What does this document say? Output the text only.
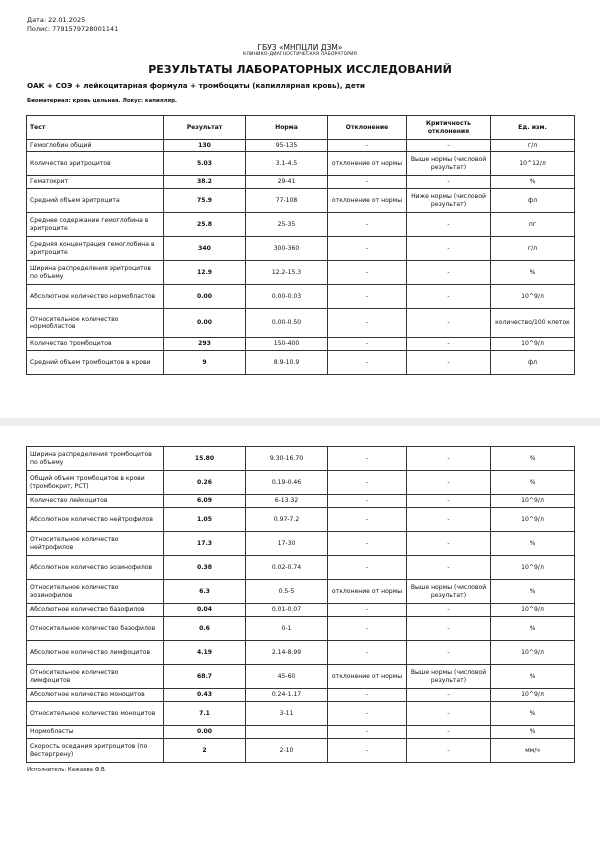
Дата: 22.01.2025
Полис: 7791579728001141
ГБУЗ «МНПЦЛИ ДЗМ»
КЛИНИКО-ДИАГНОСТИЧЕСКАЯ ЛАБОРАТОРИЯ
РЕЗУЛЬТАТЫ ЛАБОРАТОРНЫХ ИССЛЕДОВАНИЙ
ОАК + СОЭ + лейкоцитарная формула + тромбоциты (капиллярная кровь), дети
Биоматериал: кровь цельная. Локус: капилляр.
Тест	Результат	Норма	Отклонение	Критичность отклонения	Ед. изм.
Гемоглобин общий	130	95-135	-	-	г/л
Количество эритроцитов	5.03	3.1-4.5	отклонение от нормы	Выше нормы (числовой результат)	10^12/л
Гематокрит	38.2	29-41	-	-	%
Средний объем эритроцита	75.9	77-108	отклонение от нормы	Ниже нормы (числовой результат)	фл
Среднее содержание гемоглобина в эритроците	25.8	25-35	-	-	пг
Средняя концентрация гемоглобина в эритроците	340	300-360	-	-	г/л
Ширина распределения эритроцитов по объему	12.9	12.2-15.3	-	-	%
Абсолютное количество нормобластов	0.00	0.00-0.03	-	-	10^9/л
Относительное количество нормобластов	0.00	0.00-0.50	-	-	количество/100 клеток
Количество тромбоцитов	293	150-400	-	-	10^9/л
Средний объем тромбоцитов в крови	9	8.9-10.9	-	-	фл
Ширина распределения тромбоцитов по объему	15.80	9.30-16.70	-	-	%
Общий объем тромбоцитов в крови (тромбокрит, PCT)	0.26	0.19-0.46	-	-	%
Количество лейкоцитов	6.09	6-13.32	-	-	10^9/л
Абсолютное количество нейтрофилов	1.05	0.97-7.2	-	-	10^9/л
Относительное количество нейтрофилов	17.3	17-30	-	-	%
Абсолютное количество эозинофилов	0.38	0.02-0.74	-	-	10^9/л
Относительное количество эозинофилов	6.3	0.5-5	отклонение от нормы	Выше нормы (числовой результат)	%
Абсолютное количество базофилов	0.04	0.01-0.07	-	-	10^9/л
Относительное количество базофилов	0.6	0-1	-	-	%
Абсолютное количество лимфоцитов	4.19	2.14-8.99	-	-	10^9/л
Относительное количество лимфоцитов	68.7	45-60	отклонение от нормы	Выше нормы (числовой результат)	%
Абсолютное количество моноцитов	0.43	0.24-1.17	-	-	10^9/л
Относительное количество моноцитов	7.1	3-11	-	-	%
Нормобласты	0.00		-	-	%
Скорость оседания эритроцитов (по Вестергрену)	2	2-10	-	-	мм/ч
Исполнитель: Кажаева Ф.В.
